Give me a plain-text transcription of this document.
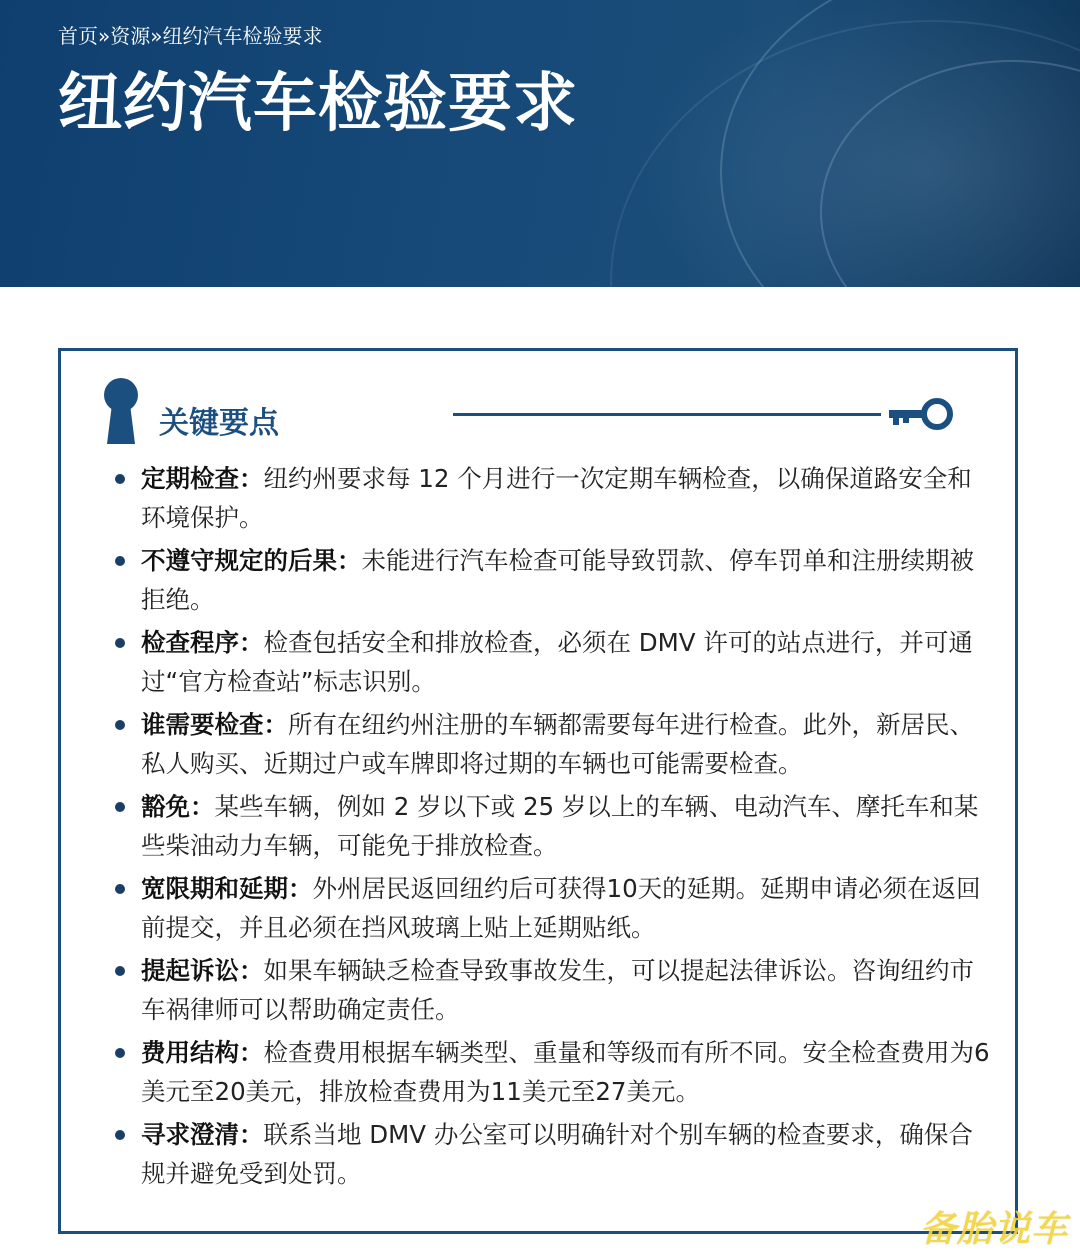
首页»资源»纽约汽车检验要求
纽约汽车检验要求
关键要点
定期检查：纽约州要求每 12 个月进行一次定期车辆检查，以确保道路安全和环境保护。
不遵守规定的后果：未能进行汽车检查可能导致罚款、停车罚单和注册续期被拒绝。
检查程序：检查包括安全和排放检查，必须在 DMV 许可的站点进行，并可通过“官方检查站”标志识别。
谁需要检查：所有在纽约州注册的车辆都需要每年进行检查。此外，新居民、私人购买、近期过户或车牌即将过期的车辆也可能需要检查。
豁免：某些车辆，例如 2 岁以下或 25 岁以上的车辆、电动汽车、摩托车和某些柴油动力车辆，可能免于排放检查。
宽限期和延期：外州居民返回纽约后可获得10天的延期。延期申请必须在返回前提交，并且必须在挡风玻璃上贴上延期贴纸。
提起诉讼：如果车辆缺乏检查导致事故发生，可以提起法律诉讼。咨询纽约市车祸律师可以帮助确定责任。
费用结构：检查费用根据车辆类型、重量和等级而有所不同。安全检查费用为6美元至20美元，排放检查费用为11美元至27美元。
寻求澄清：联系当地 DMV 办公室可以明确针对个别车辆的检查要求，确保合规并避免受到处罚。
备胎说车
